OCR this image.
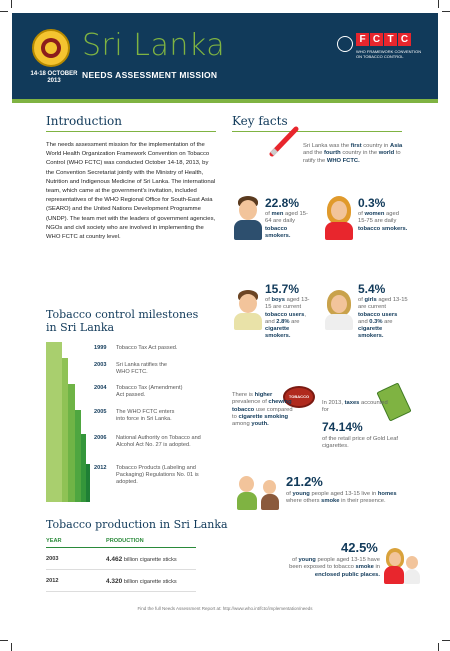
14-18 OCTOBER
2013
Sri Lanka
NEEDS ASSESSMENT MISSION
F C T C
WHO FRAMEWORK CONVENTION ON TOBACCO CONTROL
Introduction
The needs assessment mission for the implementation of the World Health Organization Framework Convention on Tobacco Control (WHO FCTC) was conducted October 14-18, 2013, by the Convention Secretariat jointly with the Ministry of Health, Nutrition and Indigenous Medicine of Sri Lanka. The international team, which came at the government's invitation, included representatives of the WHO Regional Office for South-East Asia (SEARO) and the United Nations Development Programme (UNDP). The team met with the leaders of government agencies, NGOs and civil society who are involved in implementing the WHO FCTC at country level.
Tobacco control milestones
in Sri Lanka
1999	Tobacco Tax Act passed.
2003	Sri Lanka ratifies the WHO FCTC.
2004	Tobacco Tax (Amendment) Act passed.
2005	The WHO FCTC enters into force in Sri Lanka.
2006	National Authority on Tobacco and Alcohol Act No. 27 is adopted.
2012	Tobacco Products (Labeling and Packaging) Regulations No. 01 is adopted.
Tobacco production in Sri Lanka
YEAR	PRODUCTION
2003	4.462 billion cigarette sticks
2012	4.320 billion cigarette sticks
Key facts
Sri Lanka was the first country in Asia and the fourth country in the world to ratify the WHO FCTC.
22.8%
of men aged 15-64 are daily tobacco smokers.
0.3%
of women aged 15-75 are daily tobacco smokers.
15.7%
of boys aged 13-15 are current tobacco users, and 2.8% are cigarette smokers.
5.4%
of girls aged 13-15 are current tobacco users and 0.3% are cigarette smokers.
TOBACCO
There is higher prevalence of chewing tobacco use compared to cigarette smoking among youth.
In 2013, taxes accounted for
74.14%
of the retail price of Gold Leaf cigarettes.
21.2%
of young people aged 13-15 live in homes where others smoke in their presence.
42.5%
of young people aged 13-15 have been exposed to tobacco smoke in enclosed public places.
Find the full Needs Assessment Report at: http://www.who.int/fctc/implementation/needs
